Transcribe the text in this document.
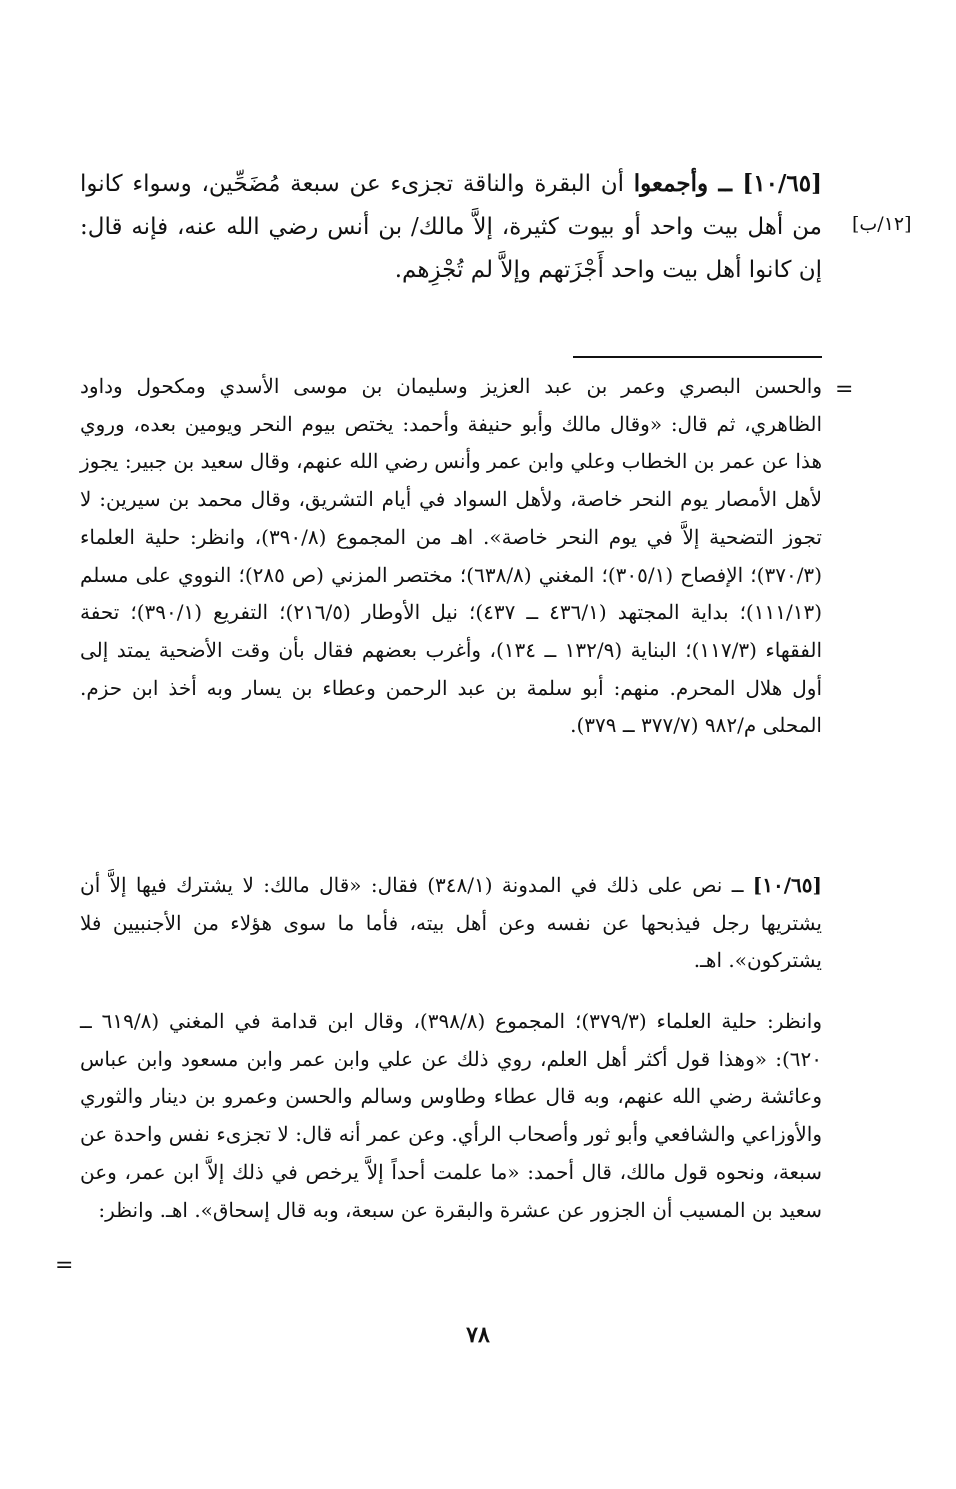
[١٠/٦٥] ــ وأجمعوا أن البقرة والناقة تجزىء عن سبعة مُضَحِّين، وسواء كانوا من أهل بيت واحد أو بيوت كثيرة، إلاَّ مالك/ بن أنس رضي الله عنه، فإنه قال: إن كانوا أهل بيت واحد أَجْزَتهم وإلاَّ لم تُجْزِهم.
[١٢/ب]
=
والحسن البصري وعمر بن عبد العزيز وسليمان بن موسى الأسدي ومكحول وداود الظاهري، ثم قال: «وقال مالك وأبو حنيفة وأحمد: يختص بيوم النحر ويومين بعده، وروي هذا عن عمر بن الخطاب وعلي وابن عمر وأنس رضي الله عنهم، وقال سعيد بن جبير: يجوز لأهل الأمصار يوم النحر خاصة، ولأهل السواد في أيام التشريق، وقال محمد بن سيرين: لا تجوز التضحية إلاَّ في يوم النحر خاصة». اهـ من المجموع (٣٩٠/٨)، وانظر: حلية العلماء (٣٧٠/٣)؛ الإفصاح (٣٠٥/١)؛ المغني (٦٣٨/٨)؛ مختصر المزني (ص ٢٨٥)؛ النووي على مسلم (١١١/١٣)؛ بداية المجتهد (٤٣٦/١ ــ ٤٣٧)؛ نيل الأوطار (٢١٦/٥)؛ التفريع (٣٩٠/١)؛ تحفة الفقهاء (١١٧/٣)؛ البناية (١٣٢/٩ ــ ١٣٤)، وأغرب بعضهم فقال بأن وقت الأضحية يمتد إلى أول هلال المحرم. منهم: أبو سلمة بن عبد الرحمن وعطاء بن يسار وبه أخذ ابن حزم. المحلى م/٩٨٢ (٣٧٧/٧ ــ ٣٧٩).
[١٠/٦٥] ــ نص على ذلك في المدونة (٣٤٨/١) فقال: «قال مالك: لا يشترك فيها إلاَّ أن يشتريها رجل فيذبحها عن نفسه وعن أهل بيته، فأما ما سوى هؤلاء من الأجنبيين فلا يشتركون». اهـ.
وانظر: حلية العلماء (٣٧٩/٣)؛ المجموع (٣٩٨/٨)، وقال ابن قدامة في المغني (٦١٩/٨ ــ ٦٢٠): «وهذا قول أكثر أهل العلم، روي ذلك عن علي وابن عمر وابن مسعود وابن عباس وعائشة رضي الله عنهم، وبه قال عطاء وطاوس وسالم والحسن وعمرو بن دينار والثوري والأوزاعي والشافعي وأبو ثور وأصحاب الرأي. وعن عمر أنه قال: لا تجزىء نفس واحدة عن سبعة، ونحوه قول مالك، قال أحمد: «ما علمت أحداً إلاَّ يرخص في ذلك إلاَّ ابن عمر، وعن سعيد بن المسيب أن الجزور عن عشرة والبقرة عن سبعة، وبه قال إسحاق». اهـ. وانظر:
=
٧٨
